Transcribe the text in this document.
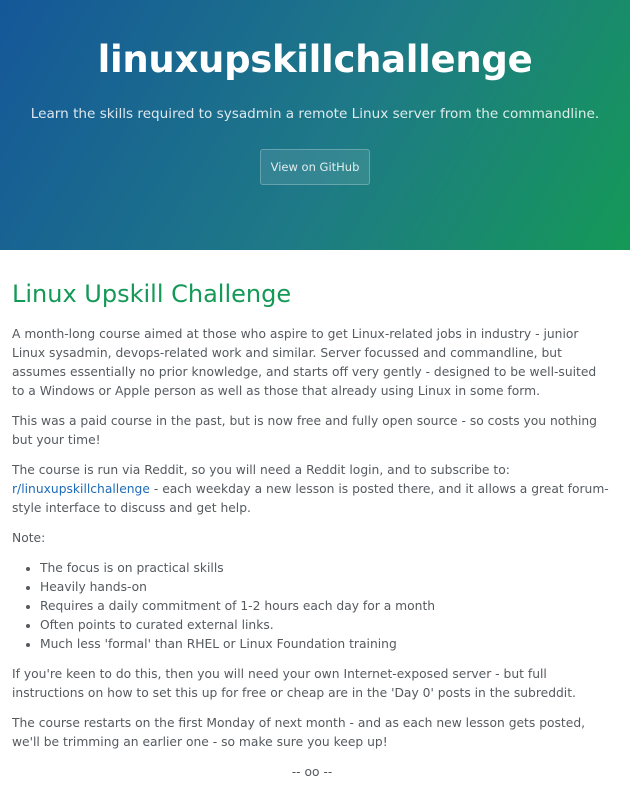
linuxupskillchallenge

Learn the skills required to sysadmin a remote Linux server from the commandline.

View on GitHub
Linux Upskill Challenge

A month-long course aimed at those who aspire to get Linux-related jobs in industry - junior Linux sysadmin, devops-related work and similar. Server focussed and commandline, but assumes essentially no prior knowledge, and starts off very gently - designed to be well-suited to a Windows or Apple person as well as those that already using Linux in some form.

This was a paid course in the past, but is now free and fully open source - so costs you nothing but your time!

The course is run via Reddit, so you will need a Reddit login, and to subscribe to: r/linuxupskillchallenge - each weekday a new lesson is posted there, and it allows a great forum-style interface to discuss and get help.

Note:

• The focus is on practical skills
• Heavily hands-on
• Requires a daily commitment of 1-2 hours each day for a month
• Often points to curated external links.
• Much less 'formal' than RHEL or Linux Foundation training

If you're keen to do this, then you will need your own Internet-exposed server - but full instructions on how to set this up for free or cheap are in the 'Day 0' posts in the subreddit.

The course restarts on the first Monday of next month - and as each new lesson gets posted, we'll be trimming an earlier one - so make sure you keep up!

-- oo --
